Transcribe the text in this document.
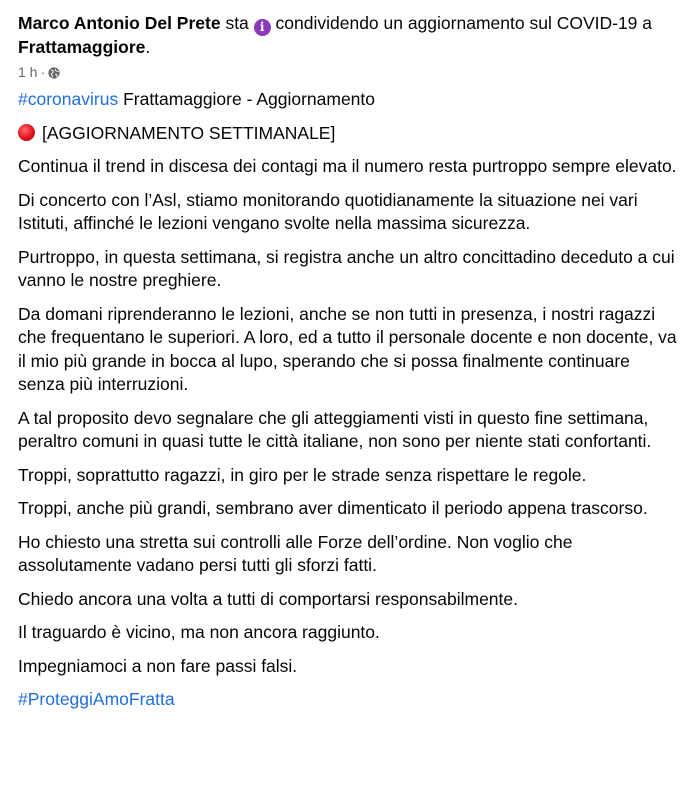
Marco Antonio Del Prete sta i condividendo un aggiornamento sul COVID-19 a Frattamaggiore.
1 h ·

#coronavirus Frattamaggiore - Aggiornamento

[AGGIORNAMENTO SETTIMANALE]

Continua il trend in discesa dei contagi ma il numero resta purtroppo sempre elevato.

Di concerto con l’Asl, stiamo monitorando quotidianamente la situazione nei vari Istituti, affinché le lezioni vengano svolte nella massima sicurezza.

Purtroppo, in questa settimana, si registra anche un altro concittadino deceduto a cui vanno le nostre preghiere.

Da domani riprenderanno le lezioni, anche se non tutti in presenza, i nostri ragazzi che frequentano le superiori. A loro, ed a tutto il personale docente e non docente, va il mio più grande in bocca al lupo, sperando che si possa finalmente continuare senza più interruzioni.

A tal proposito devo segnalare che gli atteggiamenti visti in questo fine settimana, peraltro comuni in quasi tutte le città italiane, non sono per niente stati confortanti.

Troppi, soprattutto ragazzi, in giro per le strade senza rispettare le regole.

Troppi, anche più grandi, sembrano aver dimenticato il periodo appena trascorso.

Ho chiesto una stretta sui controlli alle Forze dell’ordine. Non voglio che assolutamente vadano persi tutti gli sforzi fatti.

Chiedo ancora una volta a tutti di comportarsi responsabilmente.

Il traguardo è vicino, ma non ancora raggiunto.

Impegniamoci a non fare passi falsi.

#ProteggiAmoFratta
